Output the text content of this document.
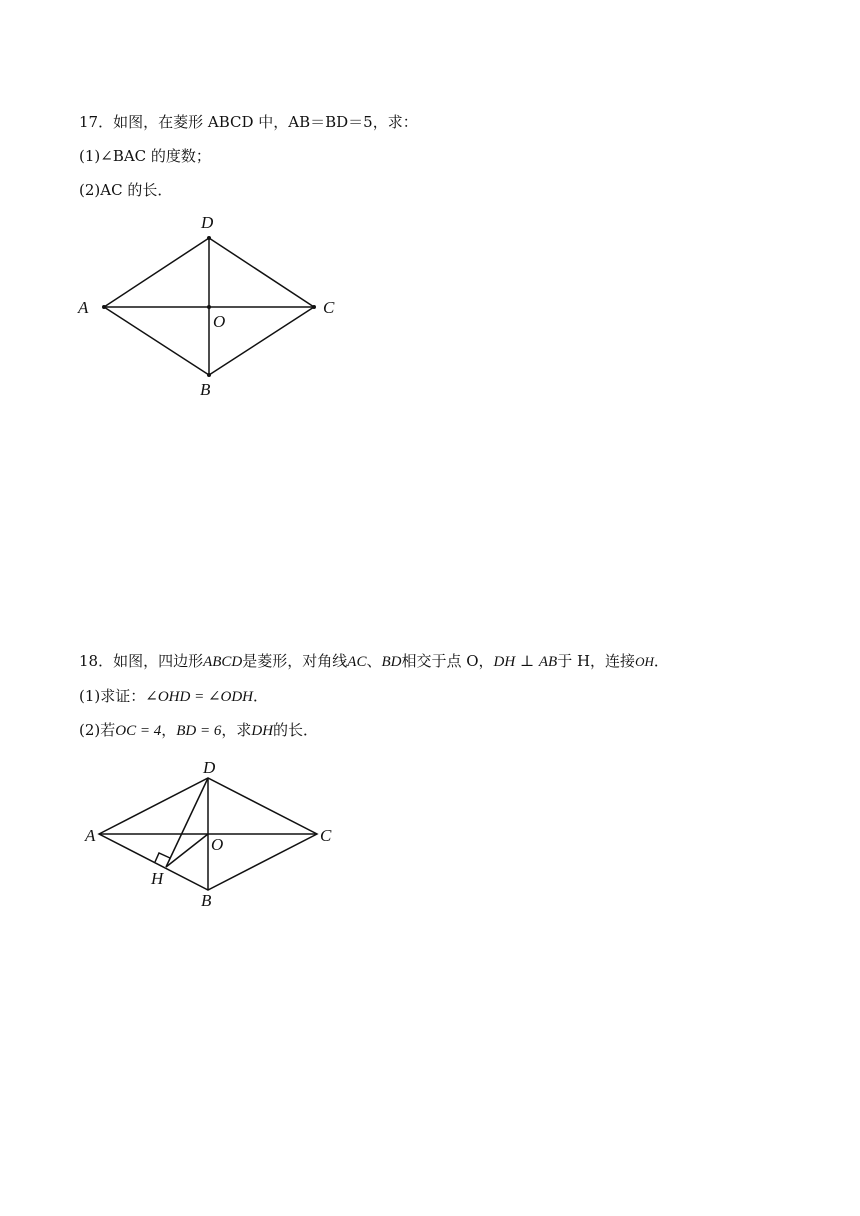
17．如图，在菱形 ABCD 中，AB＝BD＝5，求：
(1)∠BAC 的度数；
(2)AC 的长．
A
D
C
O
B
18．如图，四边形ABCD是菱形，对角线AC、BD相交于点 O，DH ⊥ AB于 H，连接OH．
(1)求证：∠OHD = ∠ODH．
(2)若OC = 4，BD = 6，求DH的长．
D
A	C
O
H
B
